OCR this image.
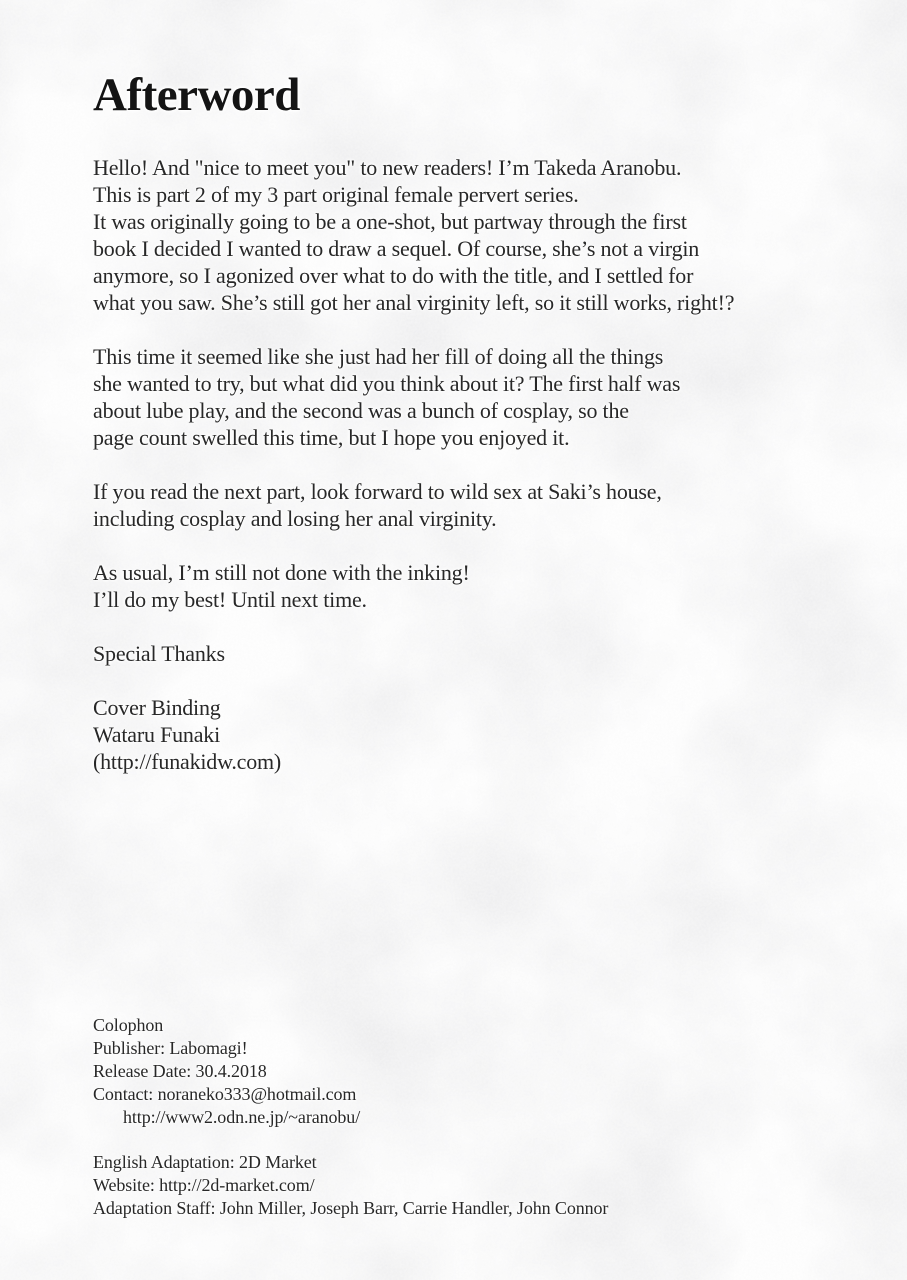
Afterword
Hello! And "nice to meet you" to new readers! I’m Takeda Aranobu.
This is part 2 of my 3 part original female pervert series.
It was originally going to be a one-shot, but partway through the first
book I decided I wanted to draw a sequel. Of course, she’s not a virgin
anymore, so I agonized over what to do with the title, and I settled for
what you saw. She’s still got her anal virginity left, so it still works, right!?
This time it seemed like she just had her fill of doing all the things
she wanted to try, but what did you think about it? The first half was
about lube play, and the second was a bunch of cosplay, so the
page count swelled this time, but I hope you enjoyed it.
If you read the next part, look forward to wild sex at Saki’s house,
including cosplay and losing her anal virginity.
As usual, I’m still not done with the inking!
I’ll do my best! Until next time.
Special Thanks
Cover Binding
Wataru Funaki
(http://funakidw.com)
Colophon
Publisher: Labomagi!
Release Date: 30.4.2018
Contact: noraneko333@hotmail.com
http://www2.odn.ne.jp/~aranobu/
English Adaptation: 2D Market
Website: http://2d-market.com/
Adaptation Staff: John Miller, Joseph Barr, Carrie Handler, John Connor
